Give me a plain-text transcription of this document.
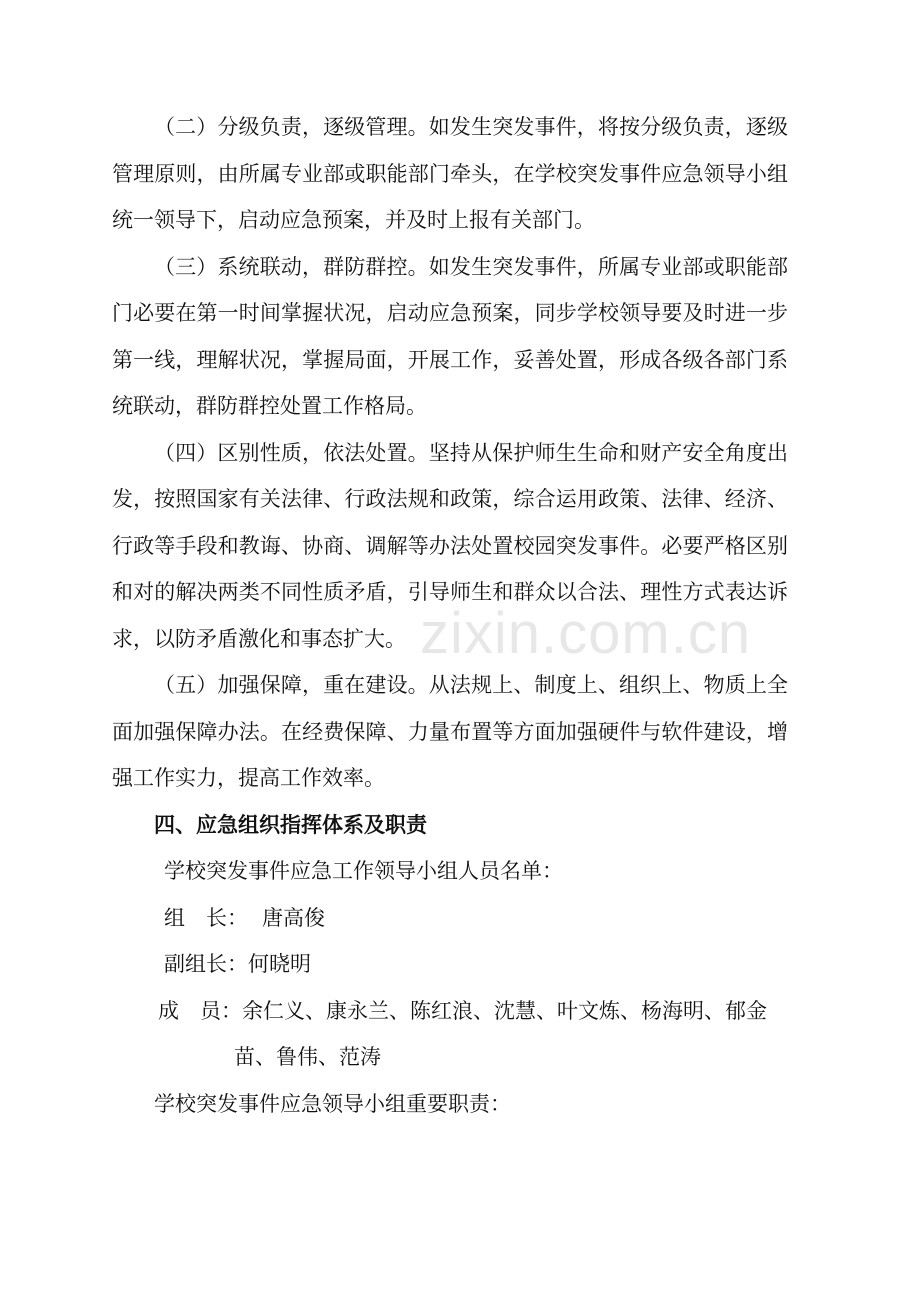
（二）分级负责，逐级管理。如发生突发事件，将按分级负责，逐级管理原则，由所属专业部或职能部门牵头，在学校突发事件应急领导小组统一领导下，启动应急预案，并及时上报有关部门。

（三）系统联动，群防群控。如发生突发事件，所属专业部或职能部门必要在第一时间掌握状况，启动应急预案，同步学校领导要及时进一步第一线，理解状况，掌握局面，开展工作，妥善处置，形成各级各部门系统联动，群防群控处置工作格局。

（四）区别性质，依法处置。坚持从保护师生生命和财产安全角度出发，按照国家有关法律、行政法规和政策，综合运用政策、法律、经济、行政等手段和教诲、协商、调解等办法处置校园突发事件。必要严格区别和对的解决两类不同性质矛盾，引导师生和群众以合法、理性方式表达诉求，以防矛盾激化和事态扩大。

（五）加强保障，重在建设。从法规上、制度上、组织上、物质上全面加强保障办法。在经费保障、力量布置等方面加强硬件与软件建设，增强工作实力，提高工作效率。

四、应急组织指挥体系及职责

学校突发事件应急工作领导小组人员名单：

组　长： 唐高俊

副组长：何晓明

成　员：余仁义、康永兰、陈红浪、沈慧、叶文炼、杨海明、郁金

苗、鲁伟、范涛

学校突发事件应急领导小组重要职责：

zixin.com.cn
